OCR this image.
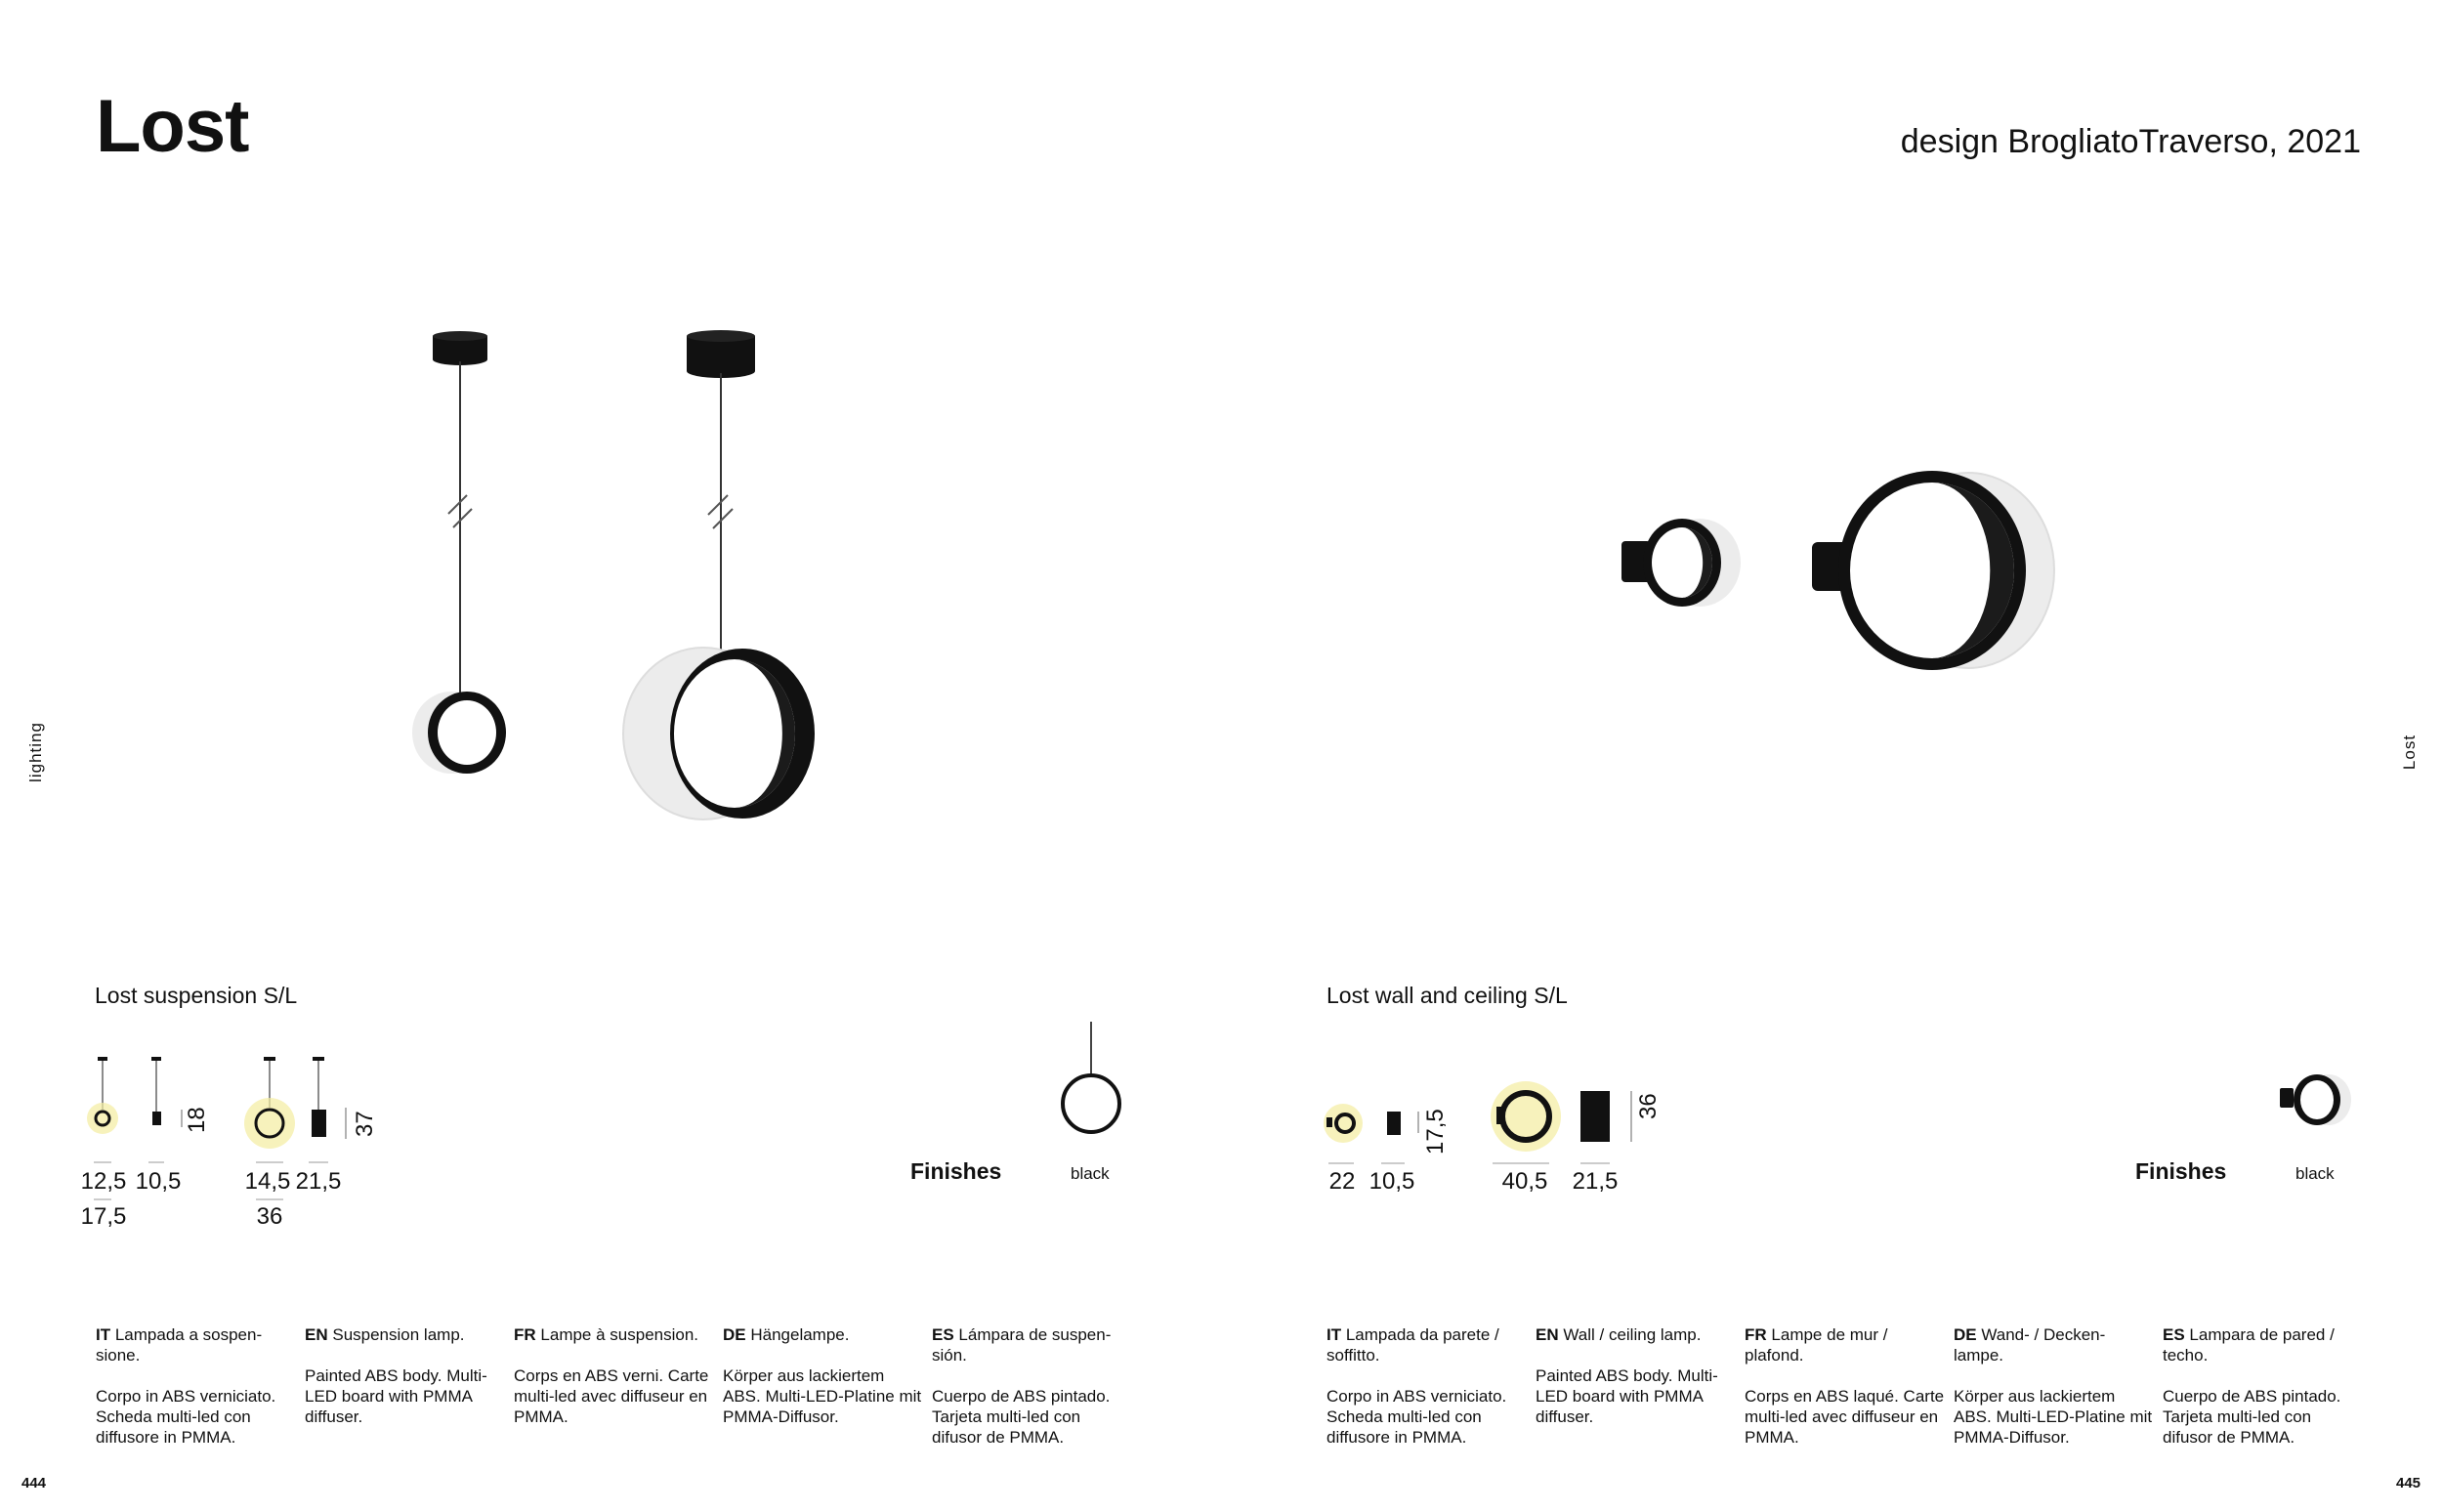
Lost	design BrogliatoTraverso, 2021
lighting	Lost
444	445
Lost suspension S/L
12,5 10,5
17,5
18
14,5 21,5
36
37
Finishes	black
Lost wall and ceiling S/L
22 10,5
17,5
40,5 21,5
36
Finishes	black

IT Lampada a sospen-sione.

Corpo in ABS verniciato. Scheda multi-led con diffusore in PMMA.

EN Suspension lamp.

Painted ABS body. Multi-LED board with PMMA diffuser.

FR Lampe à suspension.

Corps en ABS verni. Carte multi-led avec diffuseur en PMMA.

DE Hängelampe.

Körper aus lackiertem ABS. Multi-LED-Platine mit PMMA-Diffusor.

ES Lámpara de suspen-sión.

Cuerpo de ABS pintado. Tarjeta multi-led con difusor de PMMA.

IT Lampada da parete / soffitto.

Corpo in ABS verniciato. Scheda multi-led con diffusore in PMMA.

EN Wall / ceiling lamp.

Painted ABS body. Multi-LED board with PMMA diffuser.

FR Lampe de mur / plafond.

Corps en ABS laqué. Carte multi-led avec diffuseur en PMMA.

DE Wand- / Decken-lampe.

Körper aus lackiertem ABS. Multi-LED-Platine mit PMMA-Diffusor.

ES Lampara de pared / techo.

Cuerpo de ABS pintado. Tarjeta multi-led con difusor de PMMA.
